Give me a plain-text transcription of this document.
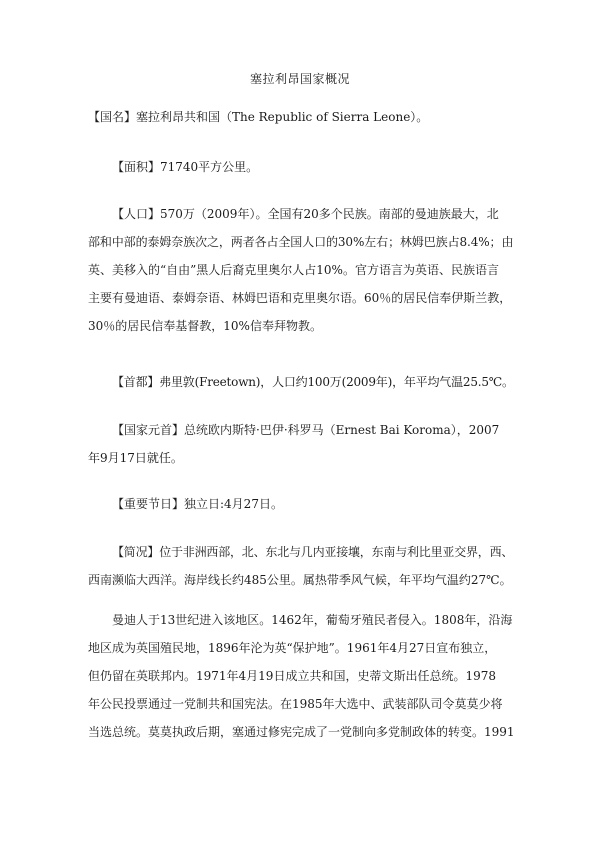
塞拉利昂国家概况
【国名】塞拉利昂共和国（The Republic of Sierra Leone）。
【面积】71740平方公里。
【人口】570万（2009年）。全国有20多个民族。南部的曼迪族最大，北
部和中部的泰姆奈族次之，两者各占全国人口的30%左右；林姆巴族占8.4%；由
英、美移入的“自由”黑人后裔克里奥尔人占10%。官方语言为英语、民族语言
主要有曼迪语、泰姆奈语、林姆巴语和克里奥尔语。60％的居民信奉伊斯兰教，
30％的居民信奉基督教，10%信奉拜物教。
【首都】弗里敦(Freetown)，人口约100万(2009年)，年平均气温25.5℃。
【国家元首】总统欧内斯特·巴伊·科罗马（Ernest Bai Koroma），2007
年9月17日就任。
【重要节日】独立日:4月27日。
【简况】位于非洲西部，北、东北与几内亚接壤，东南与利比里亚交界，西、
西南濒临大西洋。海岸线长约485公里。属热带季风气候，年平均气温约27℃。
曼迪人于13世纪进入该地区。1462年，葡萄牙殖民者侵入。1808年，沿海
地区成为英国殖民地，1896年沦为英“保护地”。1961年4月27日宣布独立，
但仍留在英联邦内。1971年4月19日成立共和国，史蒂文斯出任总统。1978
年公民投票通过一党制共和国宪法。在1985年大选中、武装部队司令莫莫少将
当选总统。莫莫执政后期，塞通过修宪完成了一党制向多党制政体的转变。1991
